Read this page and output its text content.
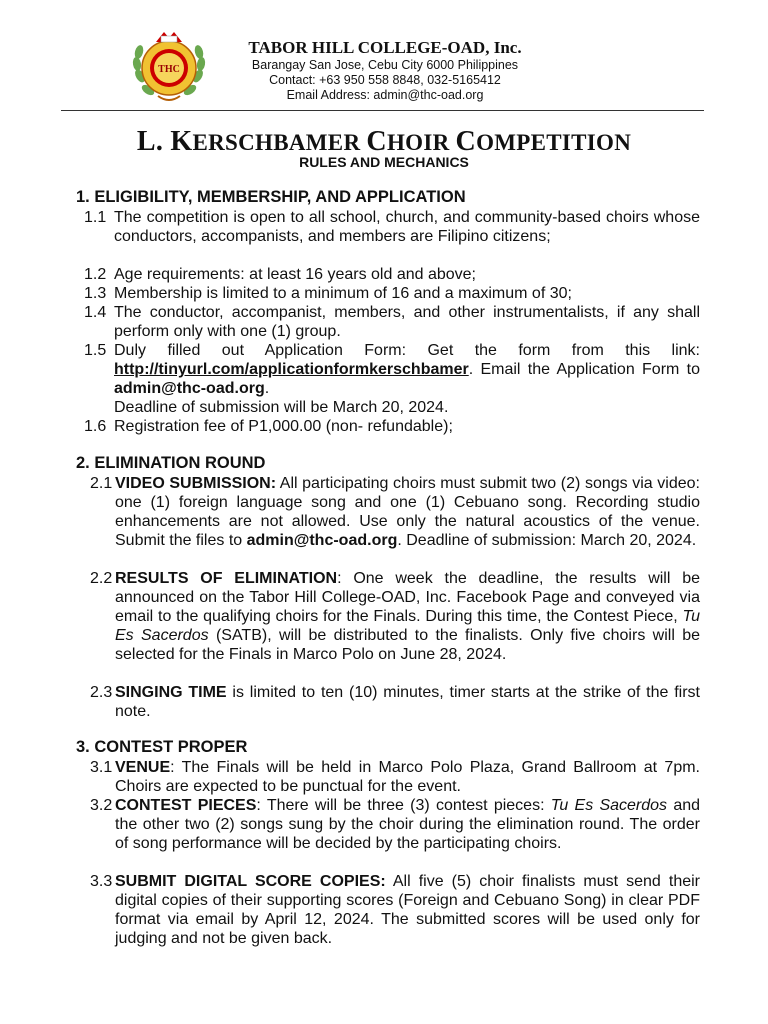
THC
TABOR HILL COLLEGE-OAD, Inc.
Barangay San Jose, Cebu City 6000 Philippines
Contact: +63 950 558 8848, 032-5165412
Email Address: admin@thc-oad.org
L. KERSCHBAMER CHOIR COMPETITION
RULES AND MECHANICS
1. ELIGIBILITY, MEMBERSHIP, AND APPLICATION
1.1 The competition is open to all school, church, and community-based choirs whose conductors, accompanists, and members are Filipino citizens;
1.2 Age requirements: at least 16 years old and above;
1.3 Membership is limited to a minimum of 16 and a maximum of 30;
1.4 The conductor, accompanist, members, and other instrumentalists, if any shall perform only with one (1) group.
1.5 Duly filled out Application Form: Get the form from this link: http://tinyurl.com/applicationformkerschbamer. Email the Application Form to admin@thc-oad.org.
Deadline of submission will be March 20, 2024.
1.6 Registration fee of P1,000.00 (non- refundable);
2. ELIMINATION ROUND
2.1 VIDEO SUBMISSION: All participating choirs must submit two (2) songs via video: one (1) foreign language song and one (1) Cebuano song. Recording studio enhancements are not allowed. Use only the natural acoustics of the venue. Submit the files to admin@thc-oad.org. Deadline of submission: March 20, 2024.
2.2 RESULTS OF ELIMINATION: One week the deadline, the results will be announced on the Tabor Hill College-OAD, Inc. Facebook Page and conveyed via email to the qualifying choirs for the Finals. During this time, the Contest Piece, Tu Es Sacerdos (SATB), will be distributed to the finalists. Only five choirs will be selected for the Finals in Marco Polo on June 28, 2024.
2.3 SINGING TIME is limited to ten (10) minutes, timer starts at the strike of the first note.
3. CONTEST PROPER
3.1 VENUE: The Finals will be held in Marco Polo Plaza, Grand Ballroom at 7pm. Choirs are expected to be punctual for the event.
3.2 CONTEST PIECES: There will be three (3) contest pieces: Tu Es Sacerdos and the other two (2) songs sung by the choir during the elimination round. The order of song performance will be decided by the participating choirs.
3.3 SUBMIT DIGITAL SCORE COPIES: All five (5) choir finalists must send their digital copies of their supporting scores (Foreign and Cebuano Song) in clear PDF format via email by April 12, 2024. The submitted scores will be used only for judging and not be given back.
